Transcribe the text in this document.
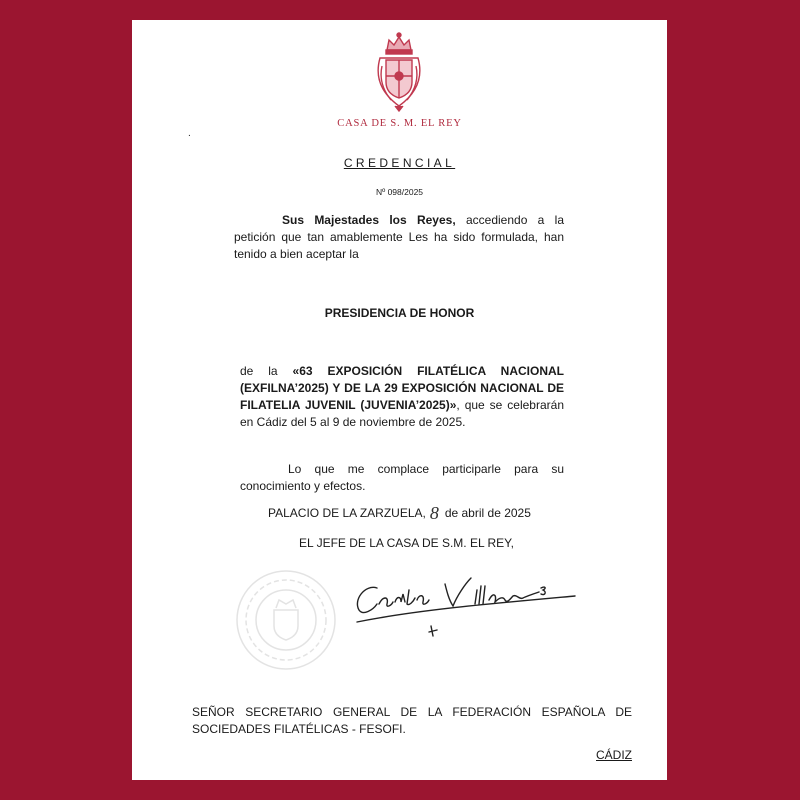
CASA DE S. M. EL REY
.
CREDENCIAL
Nº 098/2025
Sus Majestades los Reyes, accediendo a la petición que tan amablemente Les ha sido formulada, han tenido a bien aceptar la
PRESIDENCIA DE HONOR
de la «63 EXPOSICIÓN FILATÉLICA NACIONAL (EXFILNA’2025) Y DE LA 29 EXPOSICIÓN NACIONAL DE FILATELIA JUVENIL (JUVENIA’2025)», que se celebrarán en Cádiz del 5 al 9 de noviembre de 2025.
Lo que me complace participarle para su conocimiento y efectos.
PALACIO DE LA ZARZUELA, 8 de abril de 2025
EL JEFE DE LA CASA DE S.M. EL REY,
SEÑOR SECRETARIO GENERAL DE LA FEDERACIÓN ESPAÑOLA DE SOCIEDADES FILATÉLICAS - FESOFI.
CÁDIZ
